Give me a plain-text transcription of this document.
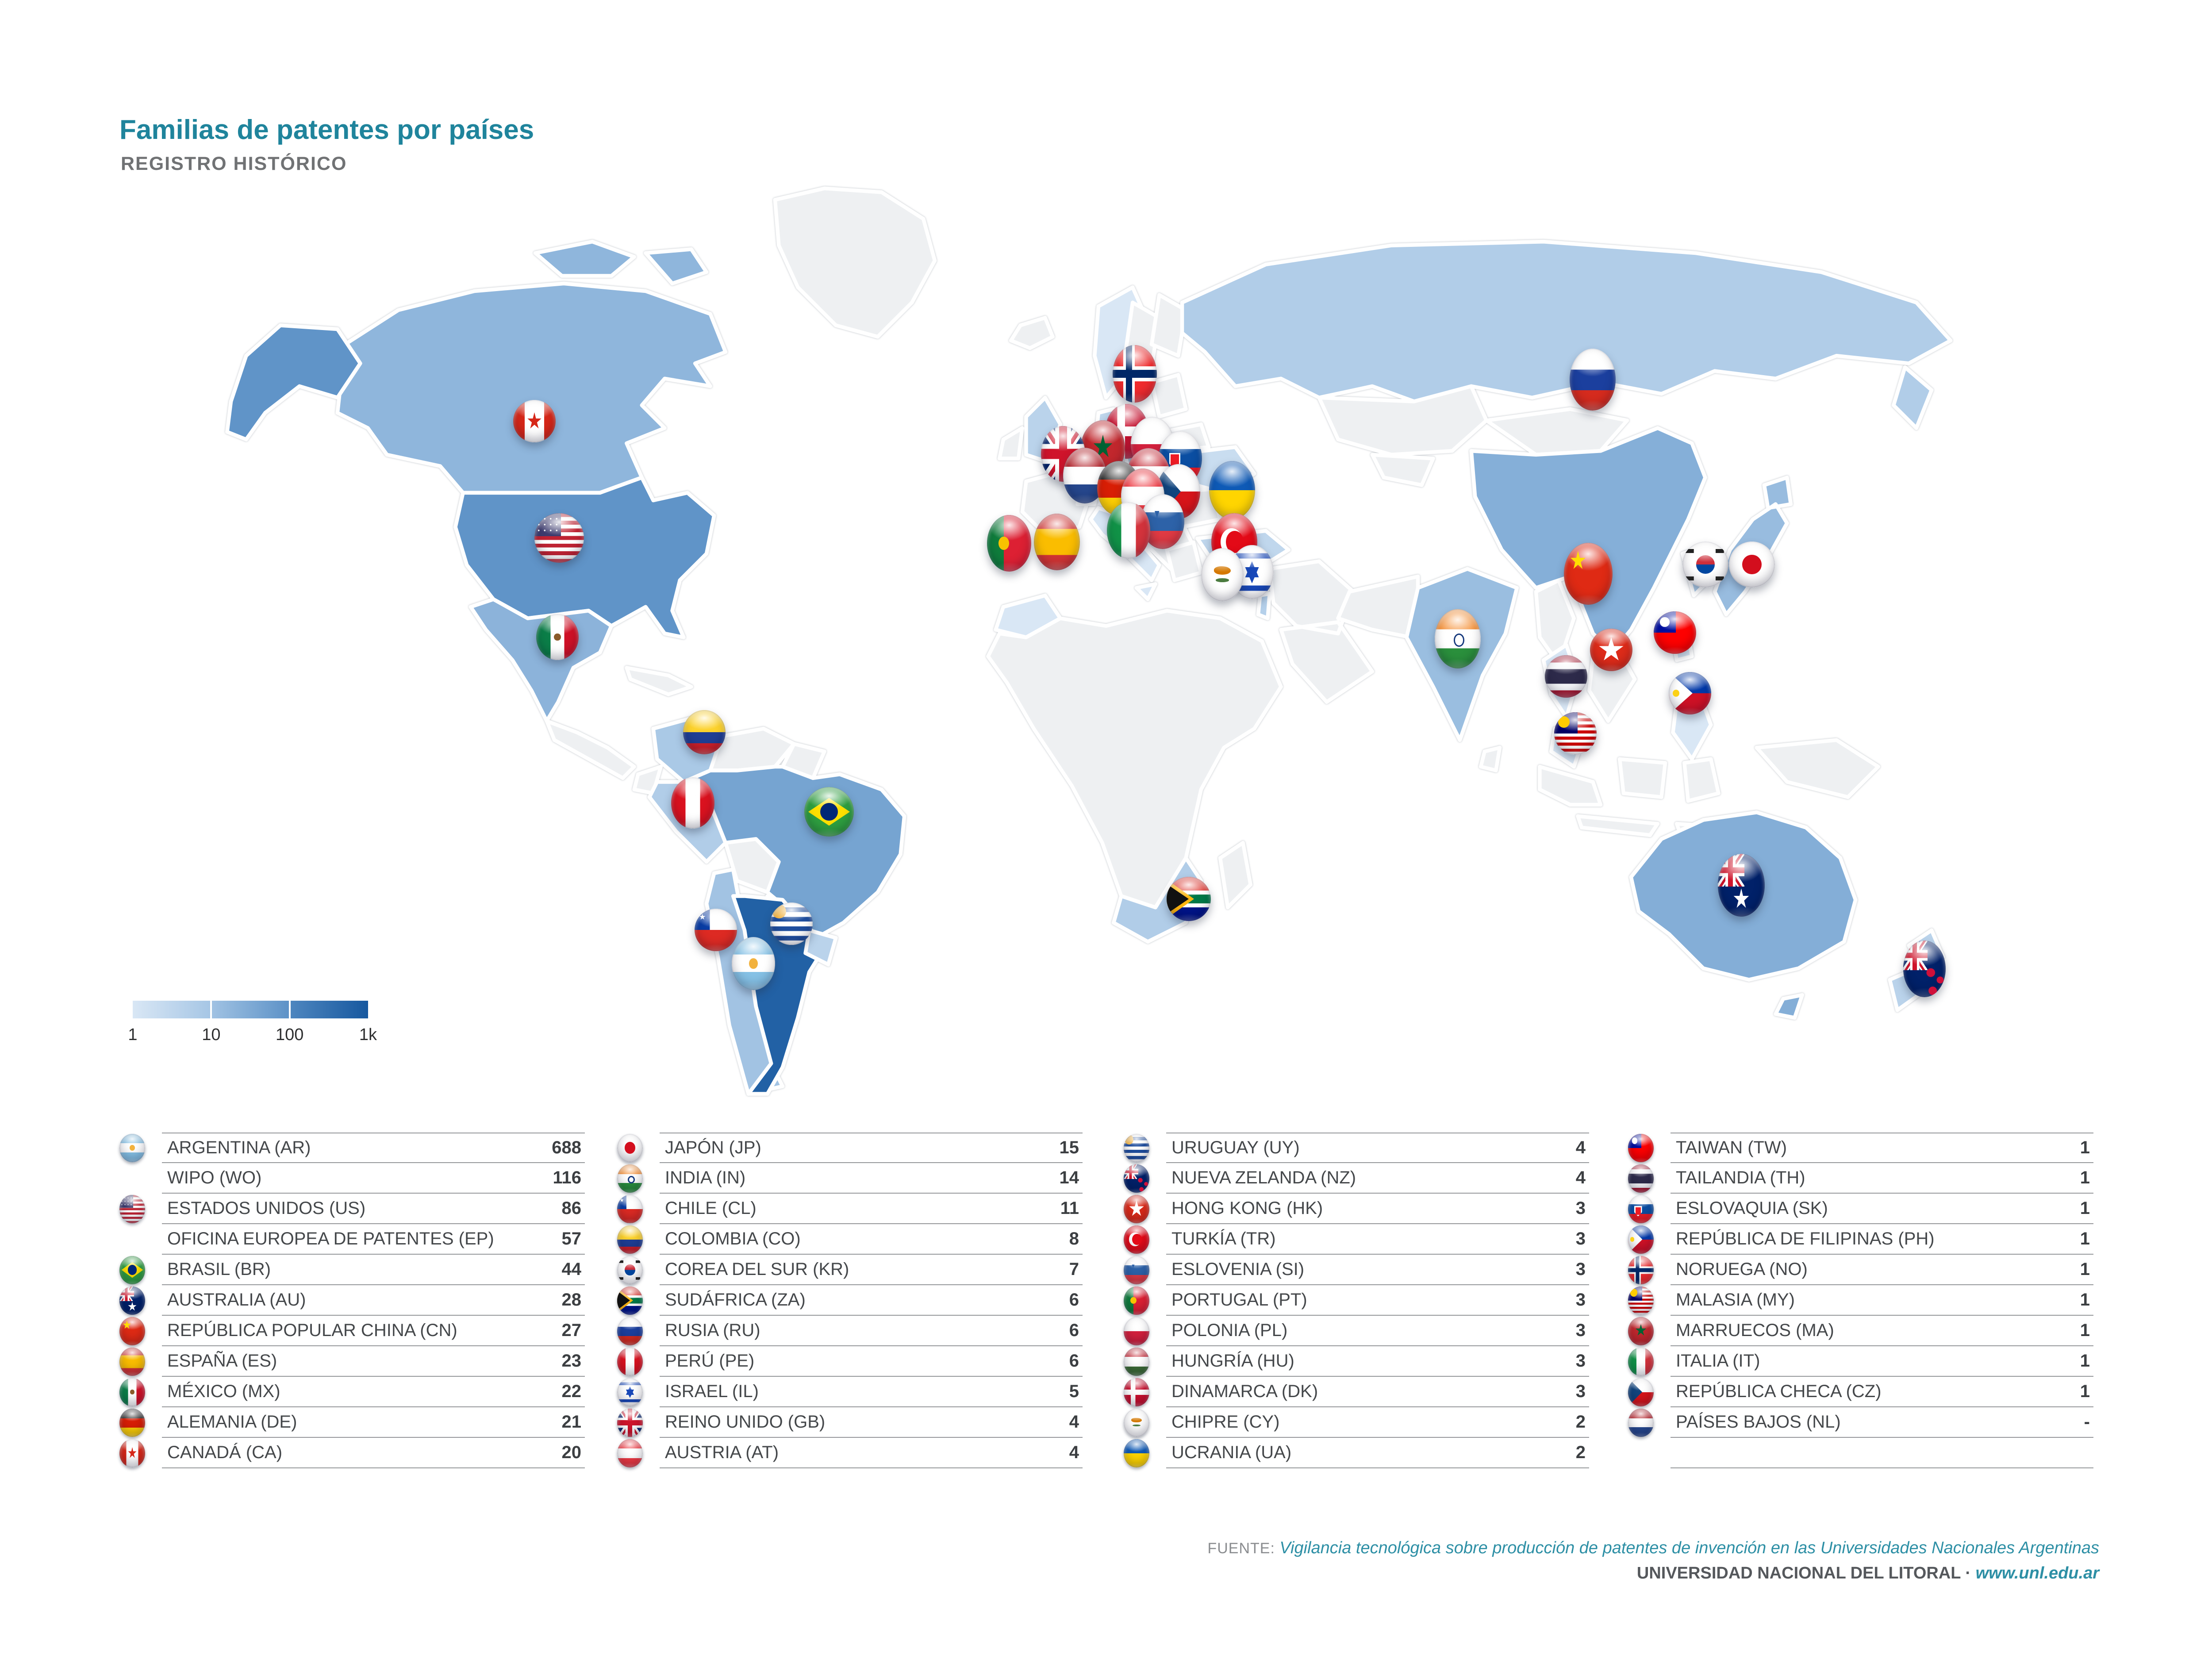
Familias de patentes por países
REGISTRO HISTÓRICO
1	10	100	1k
ARGENTINA (AR)	688
WIPO (WO)	116
ESTADOS UNIDOS (US)	86
OFICINA EUROPEA DE PATENTES (EP)	57
BRASIL (BR)	44
AUSTRALIA (AU)	28
REPÚBLICA POPULAR CHINA (CN)	27
ESPAÑA (ES)	23
MÉXICO (MX)	22
ALEMANIA (DE)	21
CANADÁ (CA)	20
JAPÓN (JP)	15
INDIA (IN)	14
CHILE (CL)	11
COLOMBIA (CO)	8
COREA DEL SUR (KR)	7
SUDÁFRICA (ZA)	6
RUSIA (RU)	6
PERÚ (PE)	6
ISRAEL (IL)	5
REINO UNIDO (GB)	4
AUSTRIA (AT)	4
URUGUAY (UY)	4
NUEVA ZELANDA (NZ)	4
HONG KONG (HK)	3
TURKÍA (TR)	3
ESLOVENIA (SI)	3
PORTUGAL (PT)	3
POLONIA (PL)	3
HUNGRÍA (HU)	3
DINAMARCA (DK)	3
CHIPRE (CY)	2
UCRANIA (UA)	2
TAIWAN (TW)	1
TAILANDIA (TH)	1
ESLOVAQUIA (SK)	1
REPÚBLICA DE FILIPINAS (PH)	1
NORUEGA (NO)	1
MALASIA (MY)	1
MARRUECOS (MA)	1
ITALIA (IT)	1
REPÚBLICA CHECA (CZ)	1
PAÍSES BAJOS (NL)	-
FUENTE: Vigilancia tecnológica sobre producción de patentes de invención en las Universidades Nacionales Argentinas
UNIVERSIDAD NACIONAL DEL LITORAL · www.unl.edu.ar
